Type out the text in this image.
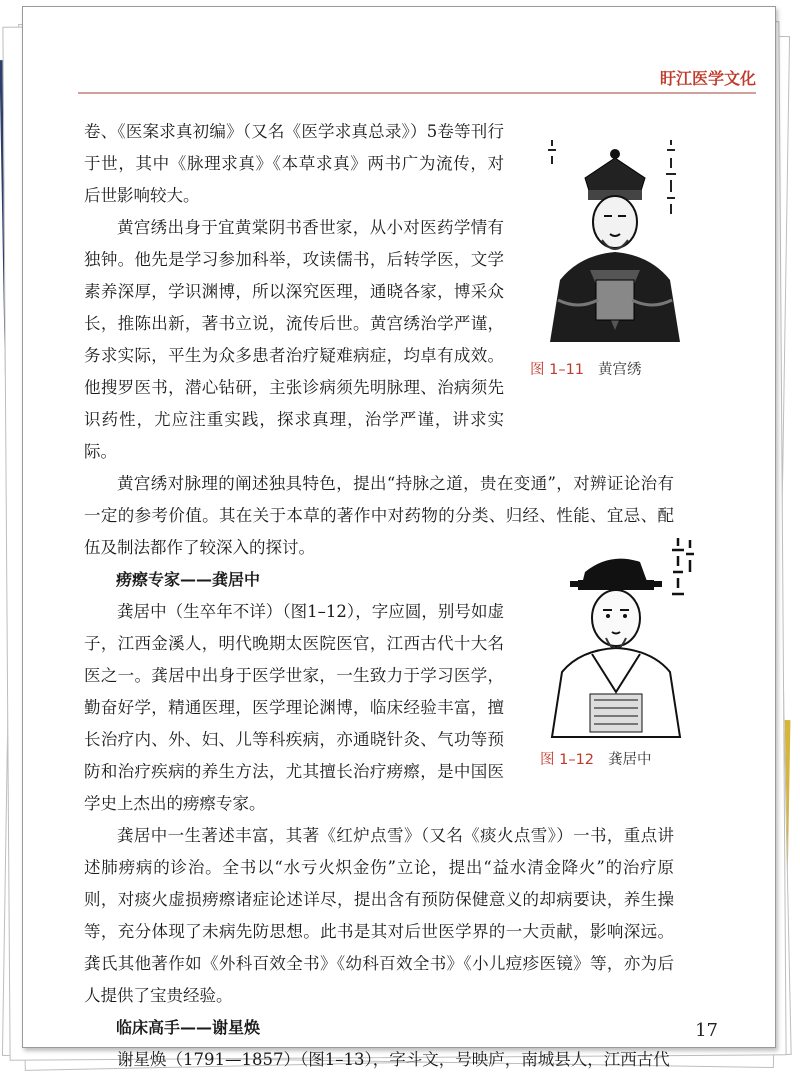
盱江医学文化

卷、《医案求真初编》（又名《医学求真总录》）5卷等刊行于世，其中《脉理求真》《本草求真》两书广为流传，对后世影响较大。

黄宫绣出身于宜黄棠阴书香世家，从小对医药学情有独钟。他先是学习参加科举，攻读儒书，后转学医，文学素养深厚，学识渊博，所以深究医理，通晓各家，博采众长，推陈出新，著书立说，流传后世。黄宫绣治学严谨，务求实际，平生为众多患者治疗疑难病症，均卓有成效。他搜罗医书，潜心钻研，主张诊病须先明脉理、治病须先识药性，尤应注重实践，探求真理，治学严谨，讲求实际。

黄宫绣对脉理的阐述独具特色，提出“持脉之道，贵在变通”，对辨证论治有一定的参考价值。其在关于本草的著作中对药物的分类、归经、性能、宜忌、配伍及制法都作了较深入的探讨。

痨瘵专家——龚居中

龚居中（生卒年不详）（图1–12），字应圆，别号如虚子，江西金溪人，明代晚期太医院医官，江西古代十大名医之一。龚居中出身于医学世家，一生致力于学习医学，勤奋好学，精通医理，医学理论渊博，临床经验丰富，擅长治疗内、外、妇、儿等科疾病，亦通晓针灸、气功等预防和治疗疾病的养生方法，尤其擅长治疗痨瘵，是中国医学史上杰出的痨瘵专家。

龚居中一生著述丰富，其著《红炉点雪》（又名《痰火点雪》）一书，重点讲述肺痨病的诊治。全书以“水亏火炽金伤”立论，提出“益水清金降火”的治疗原则，对痰火虚损痨瘵诸症论述详尽，提出含有预防保健意义的却病要诀，养生操等，充分体现了未病先防思想。此书是其对后世医学界的一大贡献，影响深远。龚氏其他著作如《外科百效全书》《幼科百效全书》《小儿痘疹医镜》等，亦为后人提供了宝贵经验。

临床高手——谢星焕

谢星焕（1791—1857）（图1–13），字斗文，号映庐，南城县人，江西古代

图 1–11 黄宫绣
图 1–12 龚居中
17
